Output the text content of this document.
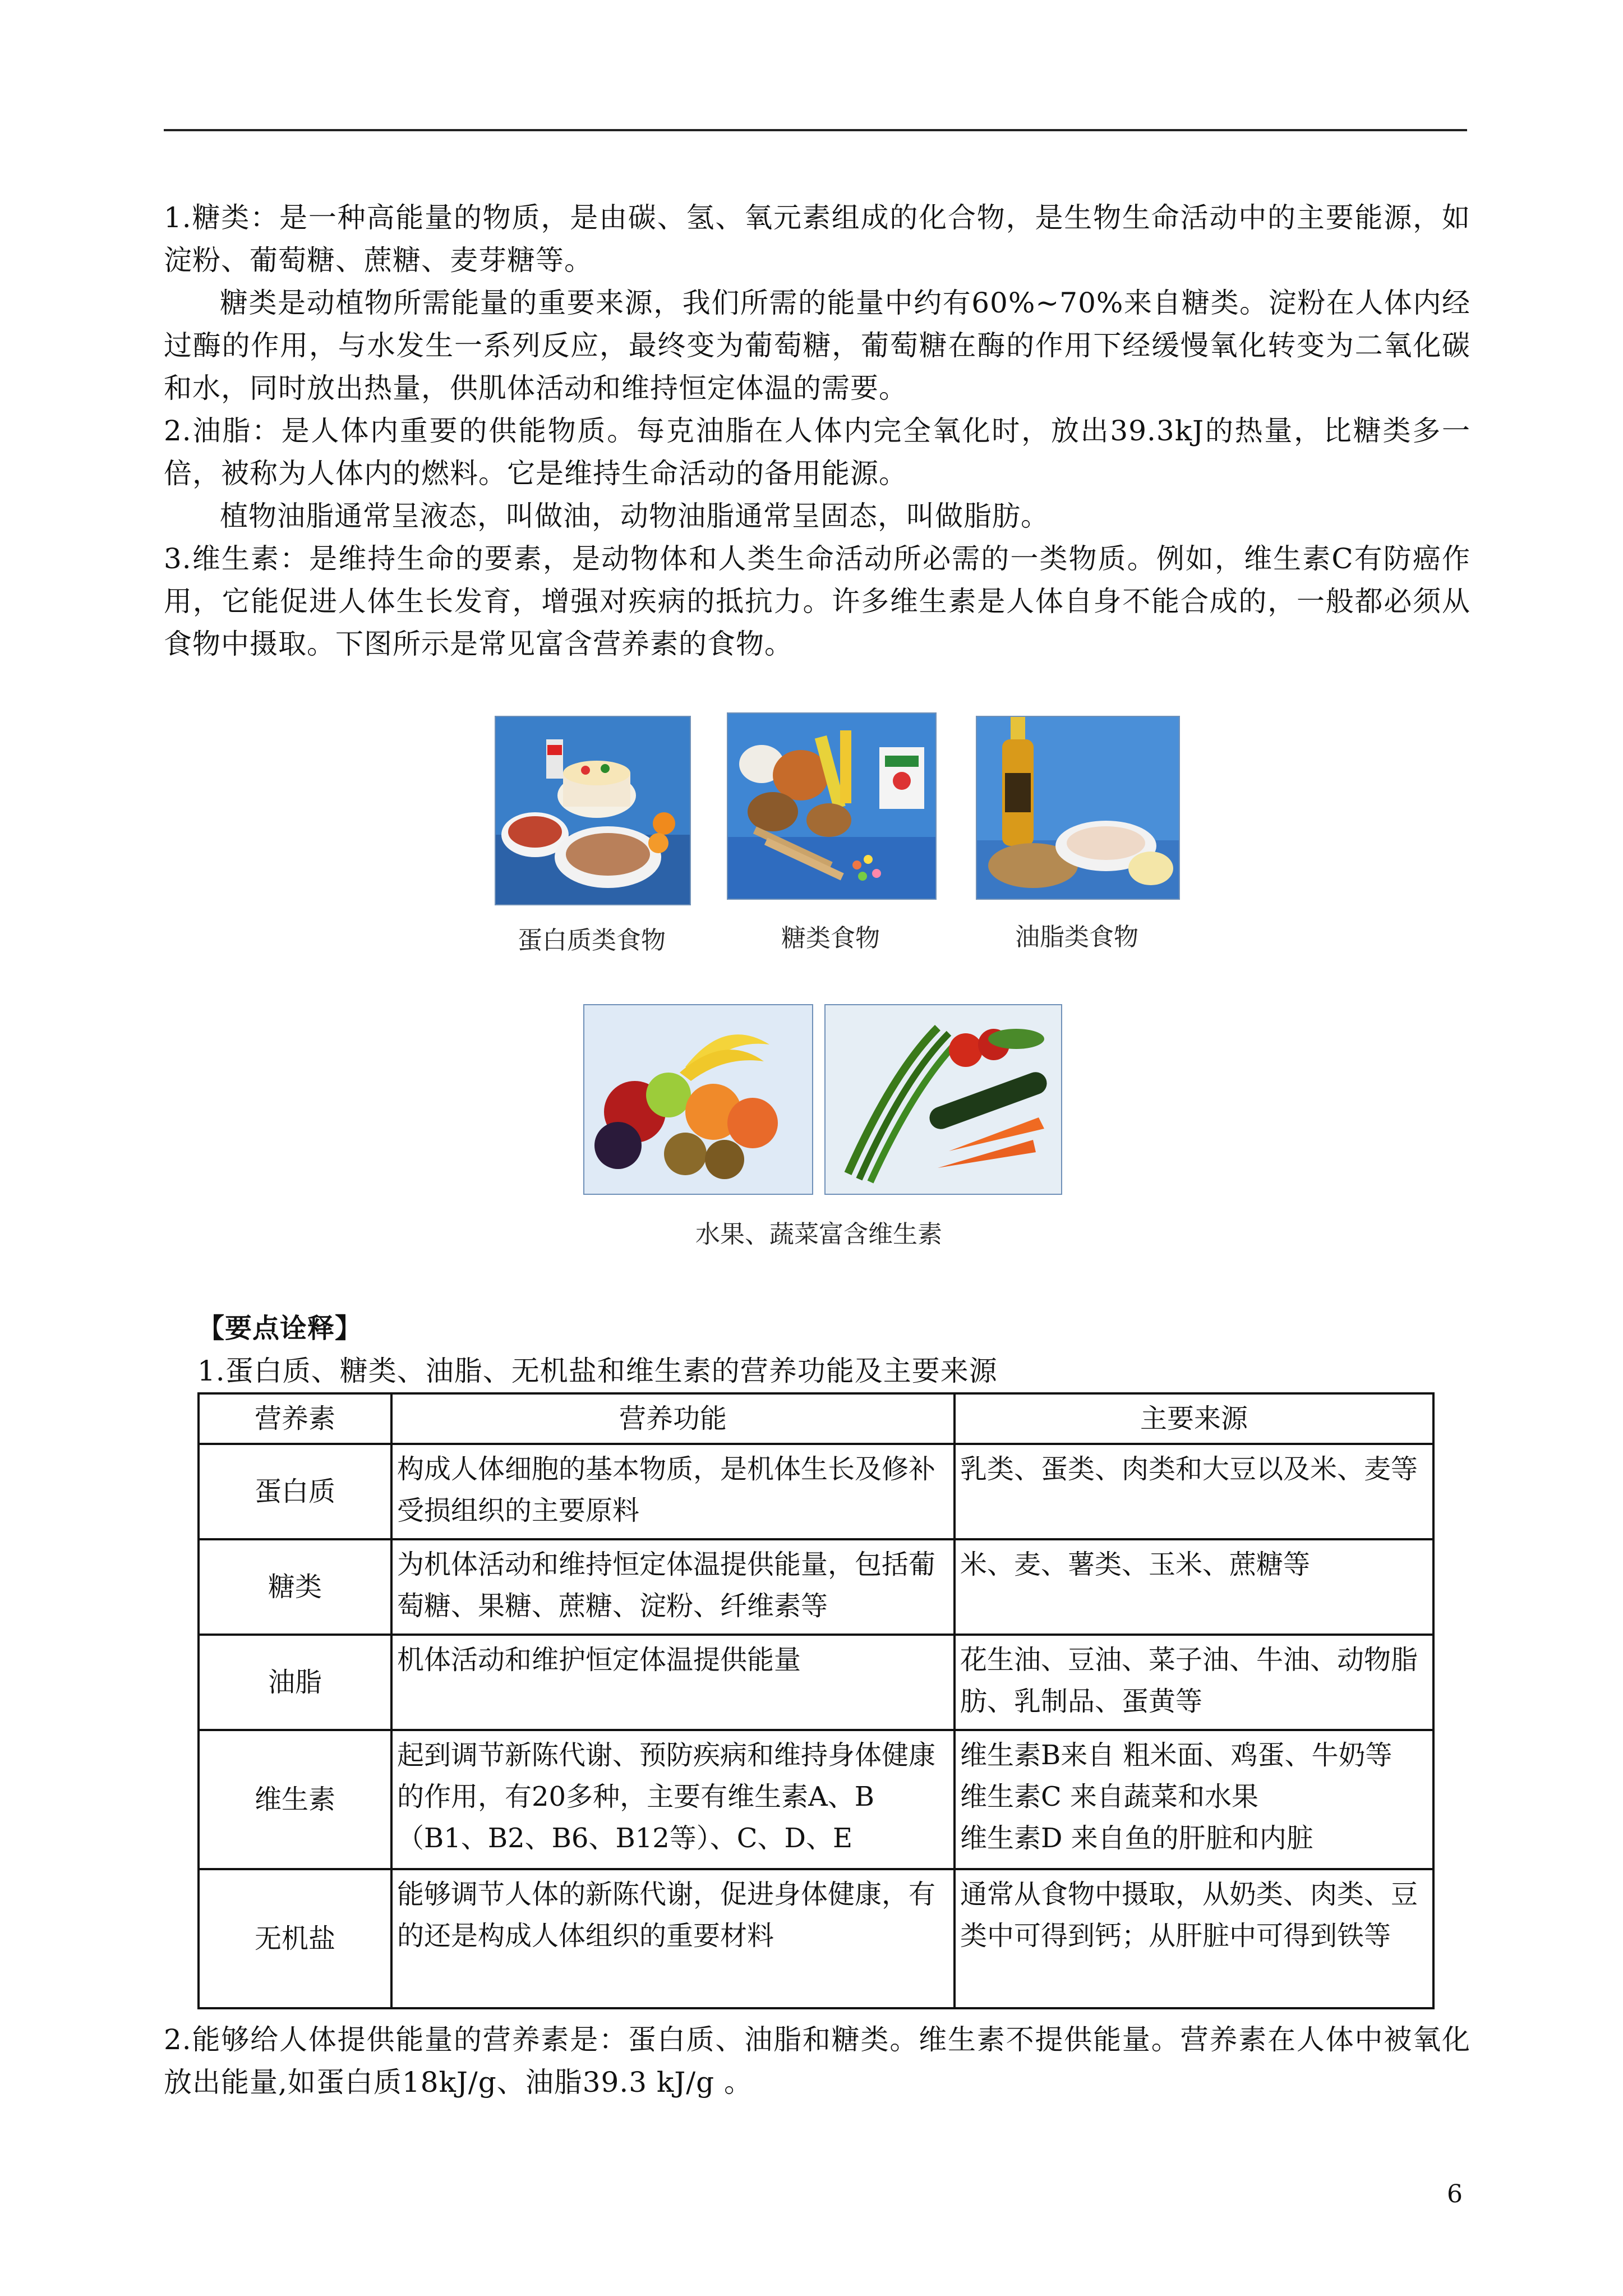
1.糖类：是一种高能量的物质，是由碳、氢、氧元素组成的化合物，是生物生命活动中的主要能源，如淀粉、葡萄糖、蔗糖、麦芽糖等。
糖类是动植物所需能量的重要来源，我们所需的能量中约有60%~70%来自糖类。淀粉在人体内经过酶的作用，与水发生一系列反应，最终变为葡萄糖，葡萄糖在酶的作用下经缓慢氧化转变为二氧化碳和水，同时放出热量，供肌体活动和维持恒定体温的需要。
2.油脂：是人体内重要的供能物质。每克油脂在人体内完全氧化时，放出39.3kJ的热量，比糖类多一倍，被称为人体内的燃料。它是维持生命活动的备用能源。
植物油脂通常呈液态，叫做油，动物油脂通常呈固态，叫做脂肪。
3.维生素：是维持生命的要素，是动物体和人类生命活动所必需的一类物质。例如，维生素C有防癌作用，它能促进人体生长发育，增强对疾病的抵抗力。许多维生素是人体自身不能合成的，一般都必须从食物中摄取。下图所示是常见富含营养素的食物。
蛋白质类食物	糖类食物	油脂类食物
水果、蔬菜富含维生素
【要点诠释】
1.蛋白质、糖类、油脂、无机盐和维生素的营养功能及主要来源
营养素	营养功能	主要来源
蛋白质	构成人体细胞的基本物质，是机体生长及修补受损组织的主要原料	乳类、蛋类、肉类和大豆以及米、麦等
糖类	为机体活动和维持恒定体温提供能量，包括葡萄糖、果糖、蔗糖、淀粉、纤维素等	米、麦、薯类、玉米、蔗糖等
油脂	机体活动和维护恒定体温提供能量	花生油、豆油、菜子油、牛油、动物脂肪、乳制品、蛋黄等
维生素	起到调节新陈代谢、预防疾病和维持身体健康的作用，有20多种，主要有维生素A、B（B1、B2、B6、B12等）、C、D、E	维生素B来自 粗米面、鸡蛋、牛奶等
维生素C 来自蔬菜和水果
维生素D 来自鱼的肝脏和内脏

无机盐	能够调节人体的新陈代谢，促进身体健康，有的还是构成人体组织的重要材料	通常从食物中摄取，从奶类、肉类、豆类中可得到钙；从肝脏中可得到铁等
2.能够给人体提供能量的营养素是：蛋白质、油脂和糖类。维生素不提供能量。营养素在人体中被氧化放出能量,如蛋白质18kJ/g、油脂39.3 kJ/g 。
6
